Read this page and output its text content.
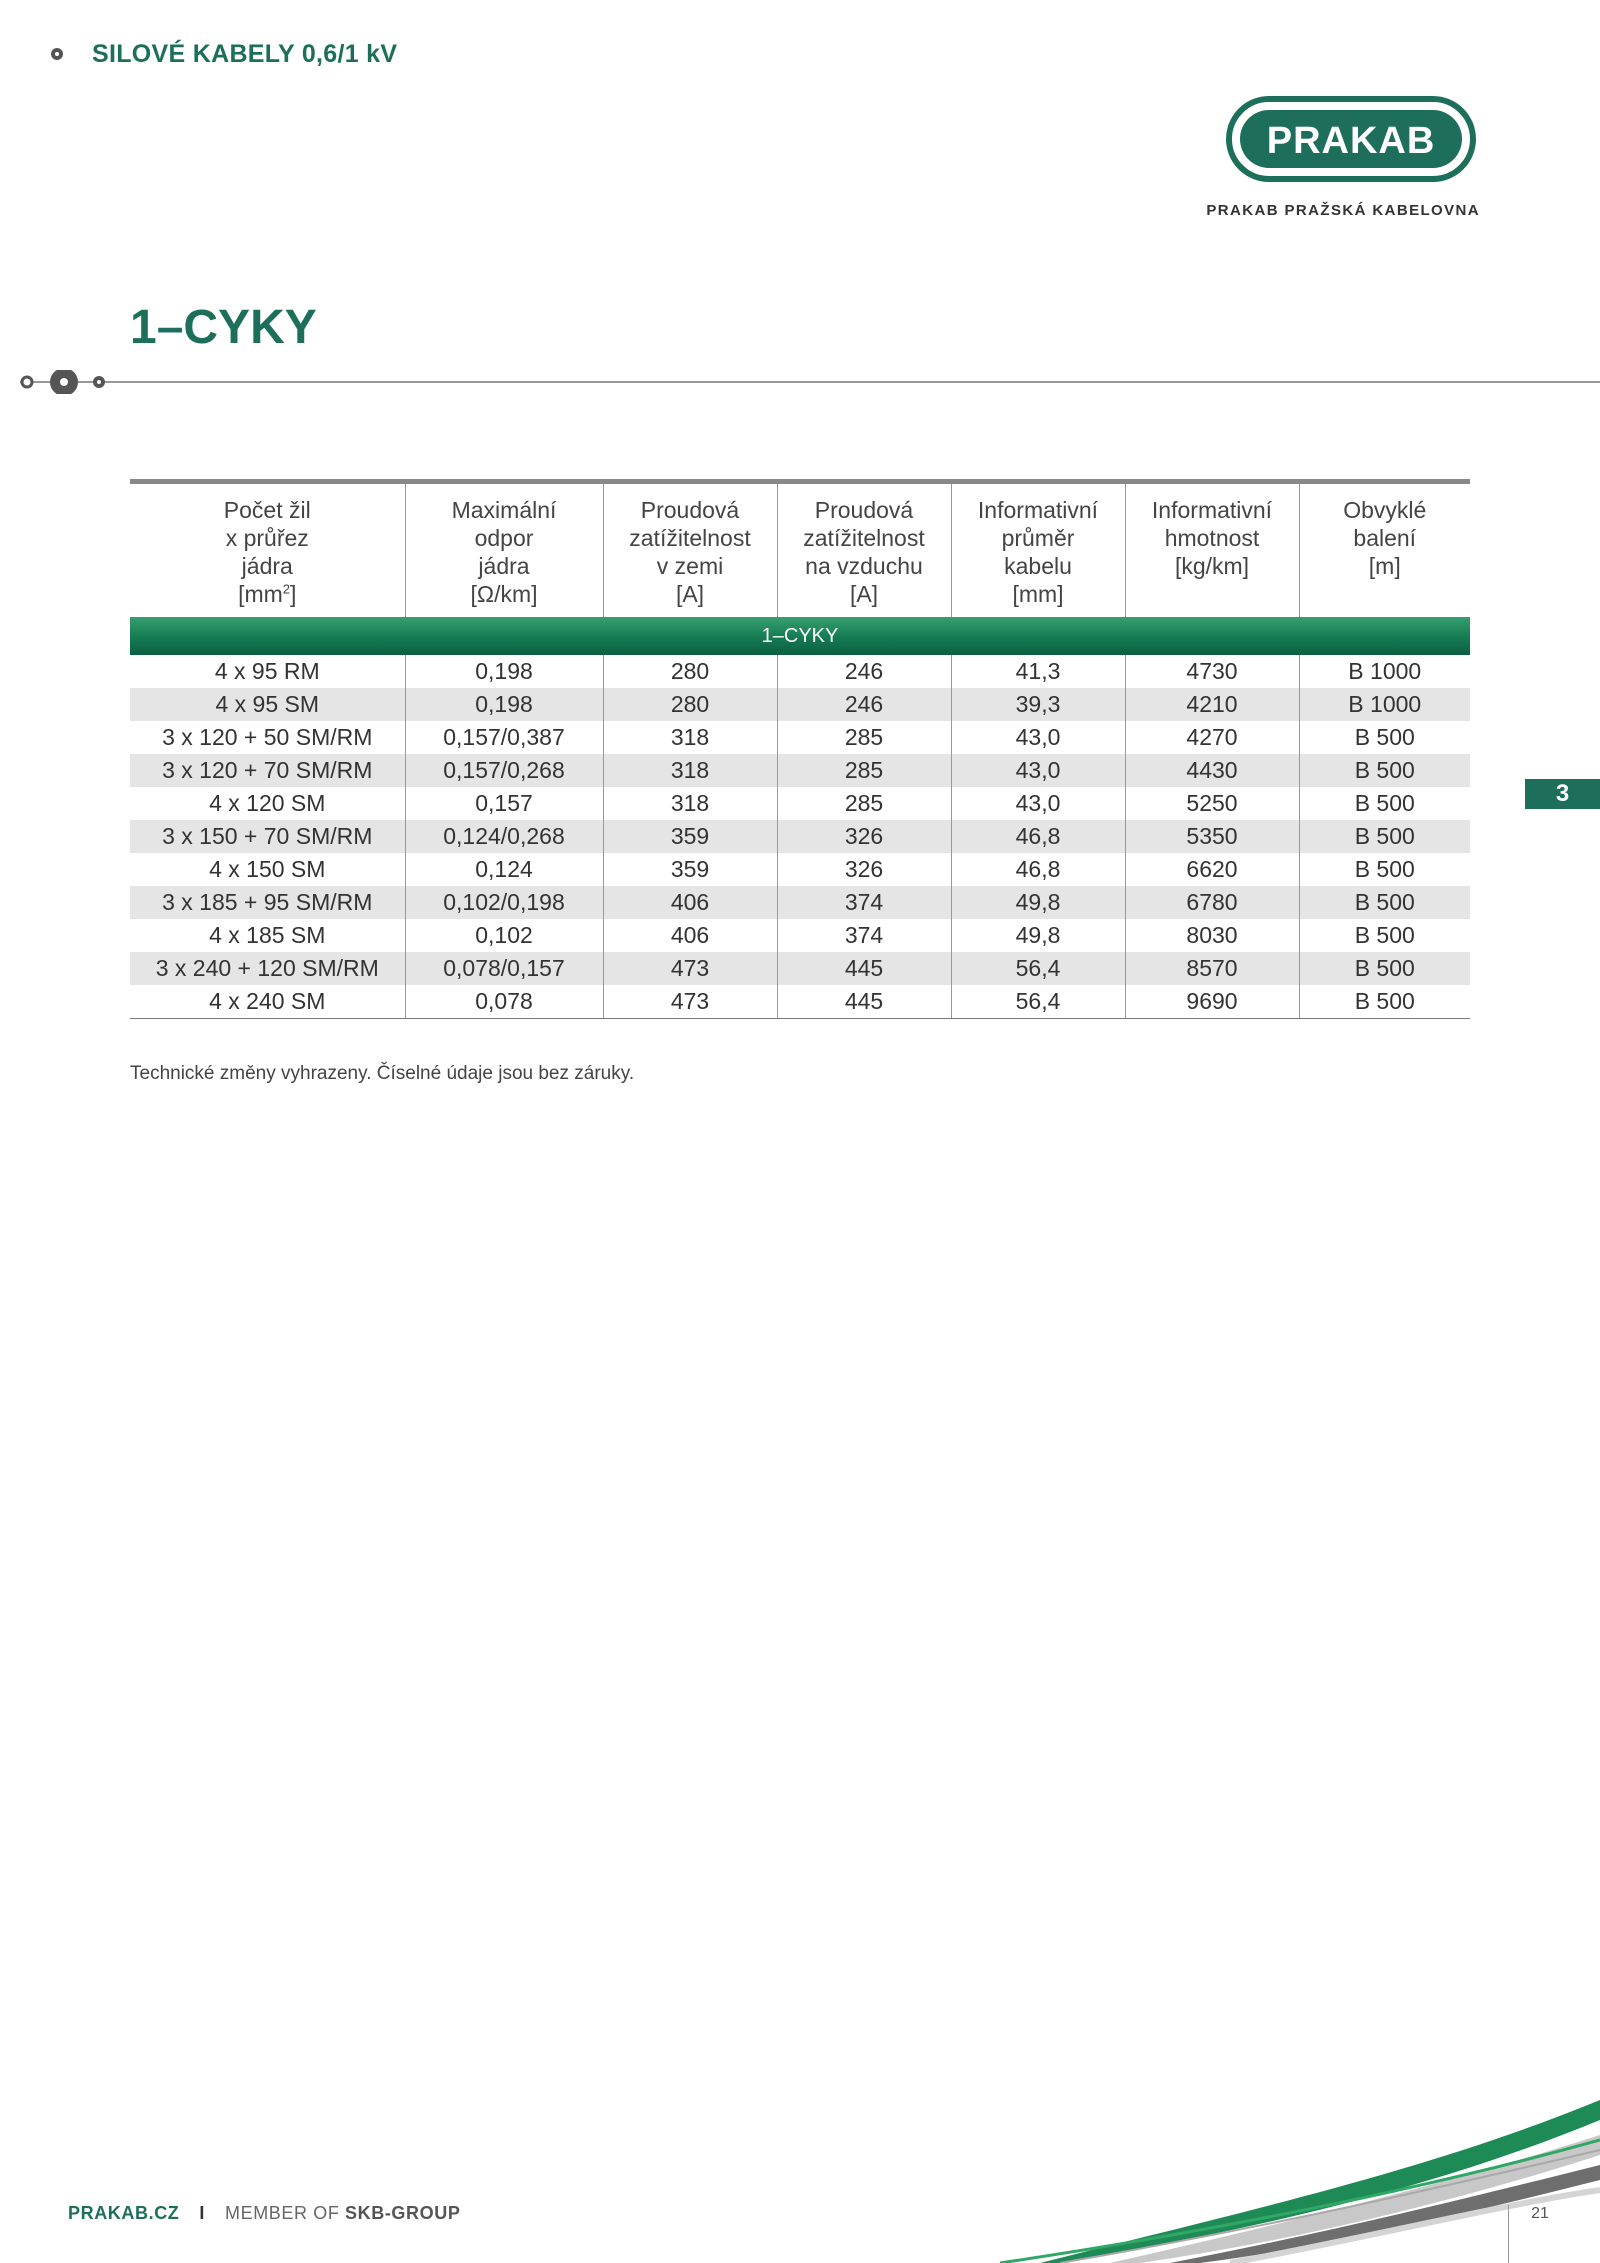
SILOVÉ KABELY 0,6/1 kV
PRAKAB
PRAKAB PRAŽSKÁ KABELOVNA
1–CYKY
Počet žil
x průřez
jádra
$[mm^2]$	Maximální
odpor
jádra
[Ω/km]	Proudová
zatížitelnost
v zemi
[A]	Proudová
zatížitelnost
na vzduchu
[A]	Informativní
průměr
kabelu
[mm]	Informativní
hmotnost
[kg/km]	Obvyklé
balení
[m]

1–CYKY						
4 x 95 RM	0,198	280	246	41,3	4730	B 1000
4 x 95 SM	0,198	280	246	39,3	4210	B 1000
3 x 120 + 50 SM/RM	0,157/0,387	318	285	43,0	4270	B 500
3 x 120 + 70 SM/RM	0,157/0,268	318	285	43,0	4430	B 500
4 x 120 SM	0,157	318	285	43,0	5250	B 500
3 x 150 + 70 SM/RM	0,124/0,268	359	326	46,8	5350	B 500
4 x 150 SM	0,124	359	326	46,8	6620	B 500
3 x 185 + 95 SM/RM	0,102/0,198	406	374	49,8	6780	B 500
4 x 185 SM	0,102	406	374	49,8	8030	B 500
3 x 240 + 120 SM/RM	0,078/0,157	473	445	56,4	8570	B 500
4 x 240 SM	0,078	473	445	56,4	9690	B 500
Technické změny vyhrazeny. Číselné údaje jsou bez záruky.
3
PRAKAB.CZ I MEMBER OF SKB-GROUP	21
